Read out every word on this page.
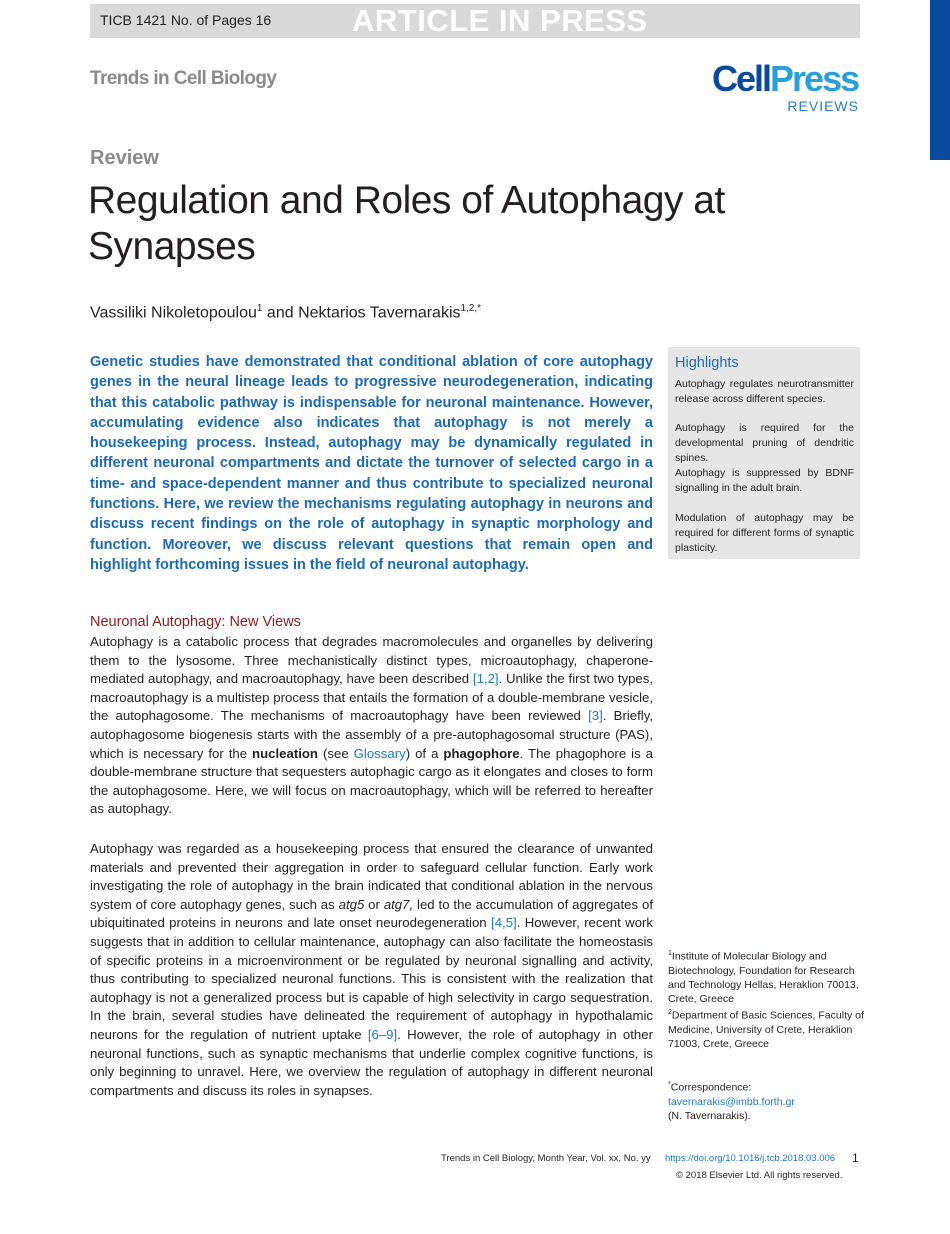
TICB 1421 No. of Pages 16	ARTICLE IN PRESS
Trends in Cell Biology	CellPress
REVIEWS
Review
Regulation and Roles of Autophagy at Synapses
Vassiliki Nikoletopoulou$^1$ and Nektarios Tavernarakis$^{1,2,*}$
Genetic studies have demonstrated that conditional ablation of core autophagy genes in the neural lineage leads to progressive neurodegeneration, indicating that this catabolic pathway is indispensable for neuronal maintenance. However, accumulating evidence also indicates that autophagy is not merely a housekeeping process. Instead, autophagy may be dynamically regulated in different neuronal compartments and dictate the turnover of selected cargo in a time- and space-dependent manner and thus contribute to specialized neuronal functions. Here, we review the mechanisms regulating autophagy in neurons and discuss recent findings on the role of autophagy in synaptic morphology and function. Moreover, we discuss relevant questions that remain open and highlight forthcoming issues in the field of neuronal autophagy.
Highlights
Autophagy regulates neurotransmitter release across different species.
Autophagy is required for the developmental pruning of dendritic spines.
Autophagy is suppressed by BDNF signalling in the adult brain.
Modulation of autophagy may be required for different forms of synaptic plasticity.
Neuronal Autophagy: New Views
Autophagy is a catabolic process that degrades macromolecules and organelles by delivering them to the lysosome. Three mechanistically distinct types, microautophagy, chaperone-mediated autophagy, and macroautophagy, have been described [1,2]. Unlike the first two types, macroautophagy is a multistep process that entails the formation of a double-membrane vesicle, the autophagosome. The mechanisms of macroautophagy have been reviewed [3]. Briefly, autophagosome biogenesis starts with the assembly of a pre-autophagosomal structure (PAS), which is necessary for the nucleation (see Glossary) of a phagophore. The phagophore is a double-membrane structure that sequesters autophagic cargo as it elongates and closes to form the autophagosome. Here, we will focus on macroautophagy, which will be referred to hereafter as autophagy.
Autophagy was regarded as a housekeeping process that ensured the clearance of unwanted materials and prevented their aggregation in order to safeguard cellular function. Early work investigating the role of autophagy in the brain indicated that conditional ablation in the nervous system of core autophagy genes, such as atg5 or atg7, led to the accumulation of aggregates of ubiquitinated proteins in neurons and late onset neurodegeneration [4,5]. However, recent work suggests that in addition to cellular maintenance, autophagy can also facilitate the homeostasis of specific proteins in a microenvironment or be regulated by neuronal signalling and activity, thus contributing to specialized neuronal functions. This is consistent with the realization that autophagy is not a generalized process but is capable of high selectivity in cargo sequestration. In the brain, several studies have delineated the requirement of autophagy in hypothalamic neurons for the regulation of nutrient uptake [6–9]. However, the role of autophagy in other neuronal functions, such as synaptic mechanisms that underlie complex cognitive functions, is only beginning to unravel. Here, we overview the regulation of autophagy in different neuronal compartments and discuss its roles in synapses.
$^1$Institute of Molecular Biology and Biotechnology, Foundation for Research and Technology Hellas, Heraklion 70013, Crete, Greece
$^2$Department of Basic Sciences, Faculty of Medicine, University of Crete, Heraklion 71003, Crete, Greece
*Correspondence:
tavernarakis@imbb.forth.gr
(N. Tavernarakis).
Trends in Cell Biology, Month Year, Vol. xx, No. yy https://doi.org/10.1016/j.tcb.2018.03.006 1
© 2018 Elsevier Ltd. All rights reserved.
